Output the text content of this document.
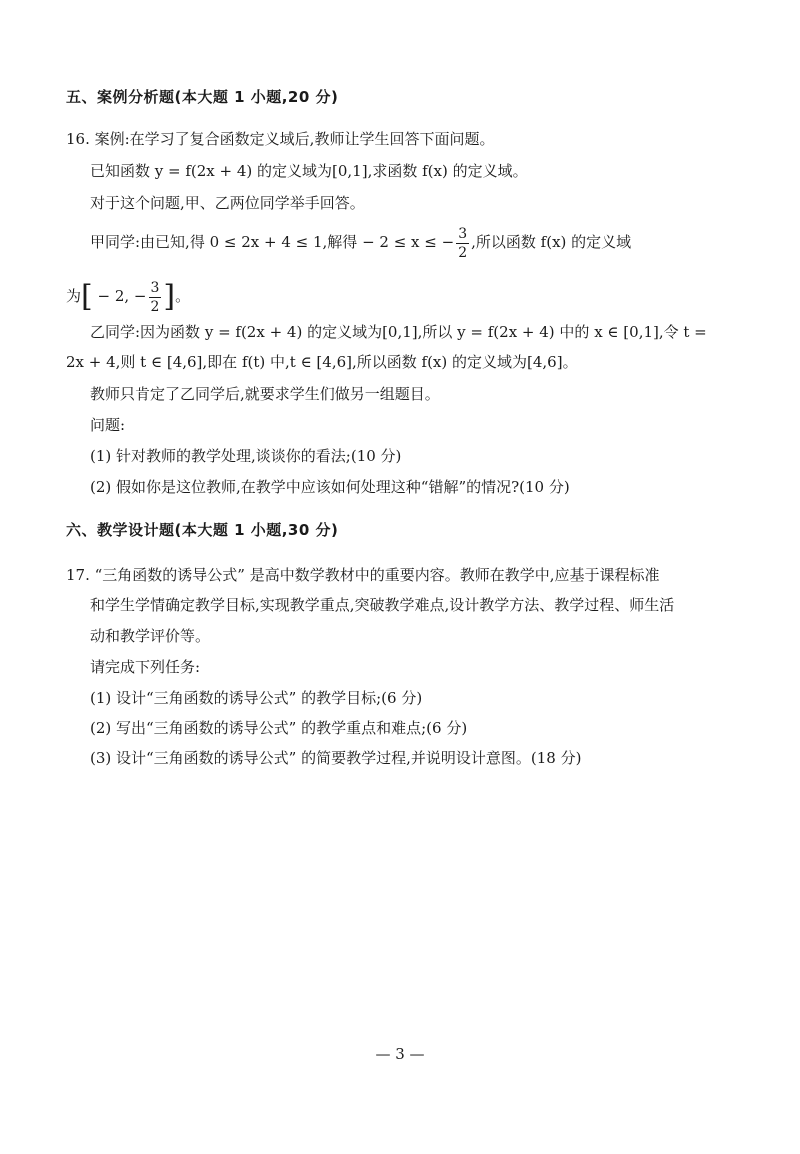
五、案例分析题(本大题 1 小题,20 分)
16. 案例:在学习了复合函数定义域后,教师让学生回答下面问题。
已知函数 y = f(2x + 4) 的定义域为[0,1],求函数 f(x) 的定义域。
对于这个问题,甲、乙两位同学举手回答。
甲同学:由已知,得 0 ≤ 2x + 4 ≤ 1,解得 − 2 ≤ x ≤ − $\frac{3}{2}$ ,所以函数 f(x) 的定义域
为[ − 2, − $\frac{3}{2}$ ]。
乙同学:因为函数 y = f(2x + 4) 的定义域为[0,1],所以 y = f(2x + 4) 中的 x ∈ [0,1],令 t =
2x + 4,则 t ∈ [4,6],即在 f(t) 中,t ∈ [4,6],所以函数 f(x) 的定义域为[4,6]。
教师只肯定了乙同学后,就要求学生们做另一组题目。
问题:
(1) 针对教师的教学处理,谈谈你的看法;(10 分)
(2) 假如你是这位教师,在教学中应该如何处理这种“错解”的情况?(10 分)
六、教学设计题(本大题 1 小题,30 分)
17. “三角函数的诱导公式” 是高中数学教材中的重要内容。教师在教学中,应基于课程标准
和学生学情确定教学目标,实现教学重点,突破教学难点,设计教学方法、教学过程、师生活
动和教学评价等。
请完成下列任务:
(1) 设计“三角函数的诱导公式” 的教学目标;(6 分)
(2) 写出“三角函数的诱导公式” 的教学重点和难点;(6 分)
(3) 设计“三角函数的诱导公式” 的简要教学过程,并说明设计意图。(18 分)
— 3 —
